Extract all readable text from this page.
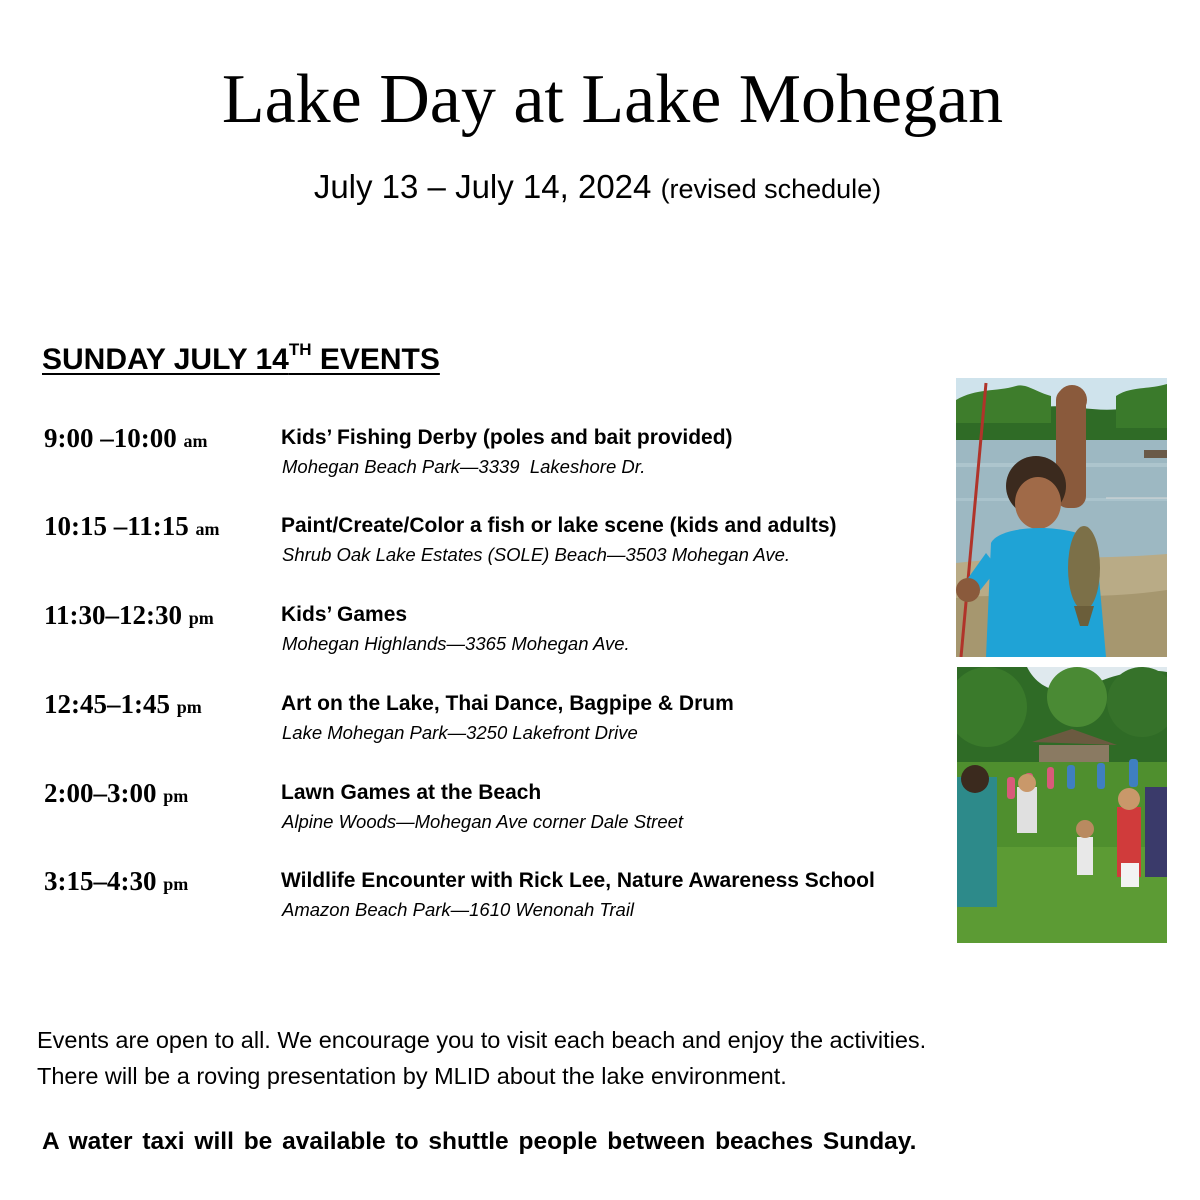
Lake Day at Lake Mohegan
July 13 – July 14, 2024 (revised schedule)
SUNDAY JULY 14TH EVENTS
9:00 –10:00 am	Kids’ Fishing Derby (poles and bait provided)
Mohegan Beach Park—3339  Lakeshore Dr.
10:15 –11:15 am	Paint/Create/Color a fish or lake scene (kids and adults)
Shrub Oak Lake Estates (SOLE) Beach—3503 Mohegan Ave.
11:30–12:30 pm	Kids’ Games
Mohegan Highlands—3365 Mohegan Ave.
12:45–1:45 pm	Art on the Lake, Thai Dance, Bagpipe & Drum
Lake Mohegan Park—3250 Lakefront Drive
2:00–3:00 pm	Lawn Games at the Beach
Alpine Woods—Mohegan Ave corner Dale Street
3:15–4:30 pm	Wildlife Encounter with Rick Lee, Nature Awareness School
Amazon Beach Park—1610 Wenonah Trail
Events are open to all. We encourage you to visit each beach and enjoy the activities.
There will be a roving presentation by MLID about the lake environment.
A water taxi will be available to shuttle people between beaches Sunday.
